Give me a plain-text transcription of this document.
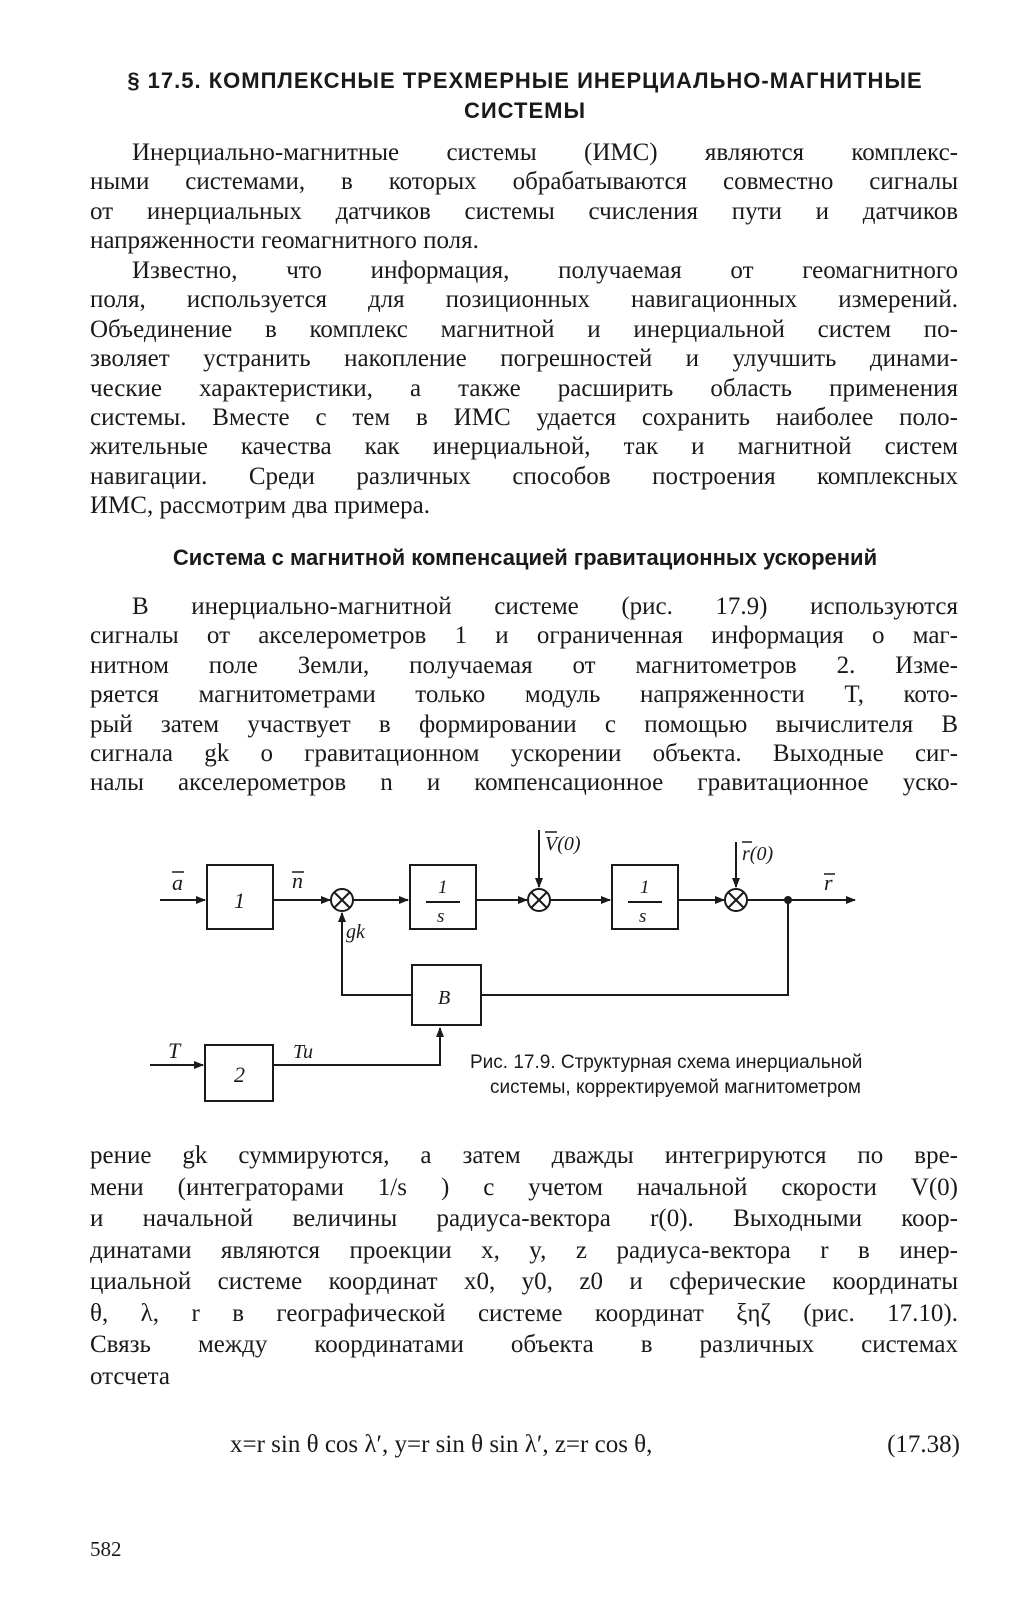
§ 17.5. КОМПЛЕКСНЫЕ ТРЕХМЕРНЫЕ ИНЕРЦИАЛЬНО-МАГНИТНЫЕ
СИСТЕМЫ

Инерциально-магнитные системы (ИМС) являются комплекс-
ными системами, в которых обрабатываются совместно сигналы
от инерциальных датчиков системы счисления пути и датчиков
напряженности геомагнитного поля.

Известно, что информация, получаемая от геомагнитного
поля, используется для позиционных навигационных измерений.
Объединение в комплекс магнитной и инерциальной систем по-
зволяет устранить накопление погрешностей и улучшить динами-
ческие характеристики, а также расширить область применения
системы. Вместе с тем в ИМС удается сохранить наиболее поло-
жительные качества как инерциальной, так и магнитной систем
навигации. Среди различных способов построения комплексных
ИМС, рассмотрим два примера.

Система с магнитной компенсацией гравитационных ускорений

В инерциально-магнитной системе (рис. 17.9) используются
сигналы от акселерометров 1 и ограниченная информация о маг-
нитном поле Земли, получаемая от магнитометров 2. Изме-
ряется магнитометрами только модуль напряженности T, кото-
рый затем участвует в формировании с помощью вычислителя B
сигнала gk о гравитационном ускорении объекта. Выходные сиг-
налы акселерометров n и компенсационное гравитационное уско-

1
2
B
1
s
1
s
a	n
gk
V(0)	r(0)
r
T	Tu	Рис. 17.9. Структурная схема инерциальной
системы, корректируемой магнитометром

рение gk суммируются, а затем дважды интегрируются по вре-
мени (интеграторами 1/s ) с учетом начальной скорости V(0)
и начальной величины радиуса-вектора r(0). Выходными коор-
динатами являются проекции x, y, z радиуса-вектора r в инер-
циальной системе координат x0, y0, z0 и сферические координаты
θ, λ, r в географической системе координат ξηζ (рис. 17.10).
Связь между координатами объекта в различных системах
отсчета

x=r sin θ cos λ′, y=r sin θ sin λ′, z=r cos θ,	(17.38)
582
